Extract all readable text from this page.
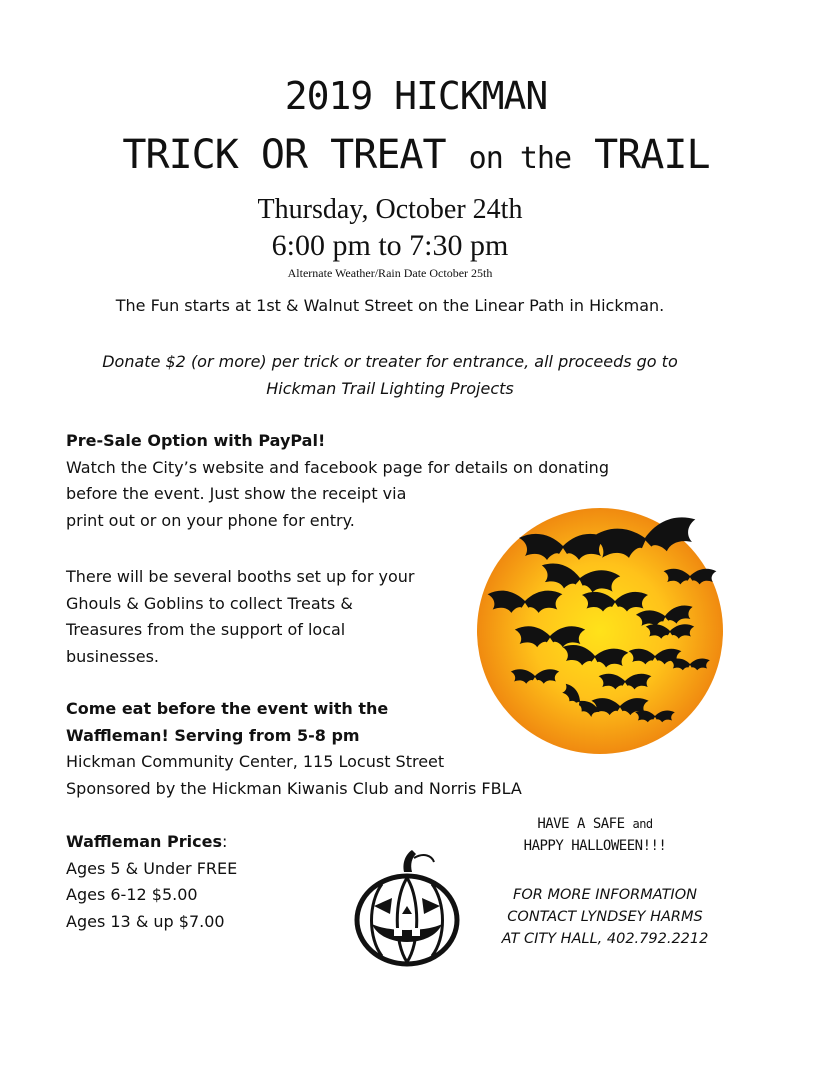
2019 HICKMAN
TRICK OR TREAT on the TRAIL
Thursday, October 24th
6:00 pm to 7:30 pm
Alternate Weather/Rain Date October 25th
The Fun starts at 1st & Walnut Street on the Linear Path in Hickman.
Donate $2 (or more) per trick or treater for entrance, all proceeds go to
Hickman Trail Lighting Projects
Pre-Sale Option with PayPal!
Watch the City’s website and facebook page for details on donating
before the event. Just show the receipt via
print out or on your phone for entry.
There will be several booths set up for your
Ghouls & Goblins to collect Treats &
Treasures from the support of local
businesses.
Come eat before the event with the
Waffleman! Serving from 5-8 pm
Hickman Community Center, 115 Locust Street
Sponsored by the Hickman Kiwanis Club and Norris FBLA
Waffleman Prices:
Ages 5 & Under FREE
Ages 6-12 $5.00
Ages 13 & up $7.00
HAVE A SAFE and
HAPPY HALLOWEEN!!!
FOR MORE INFORMATION
CONTACT LYNDSEY HARMS
AT CITY HALL, 402.792.2212
